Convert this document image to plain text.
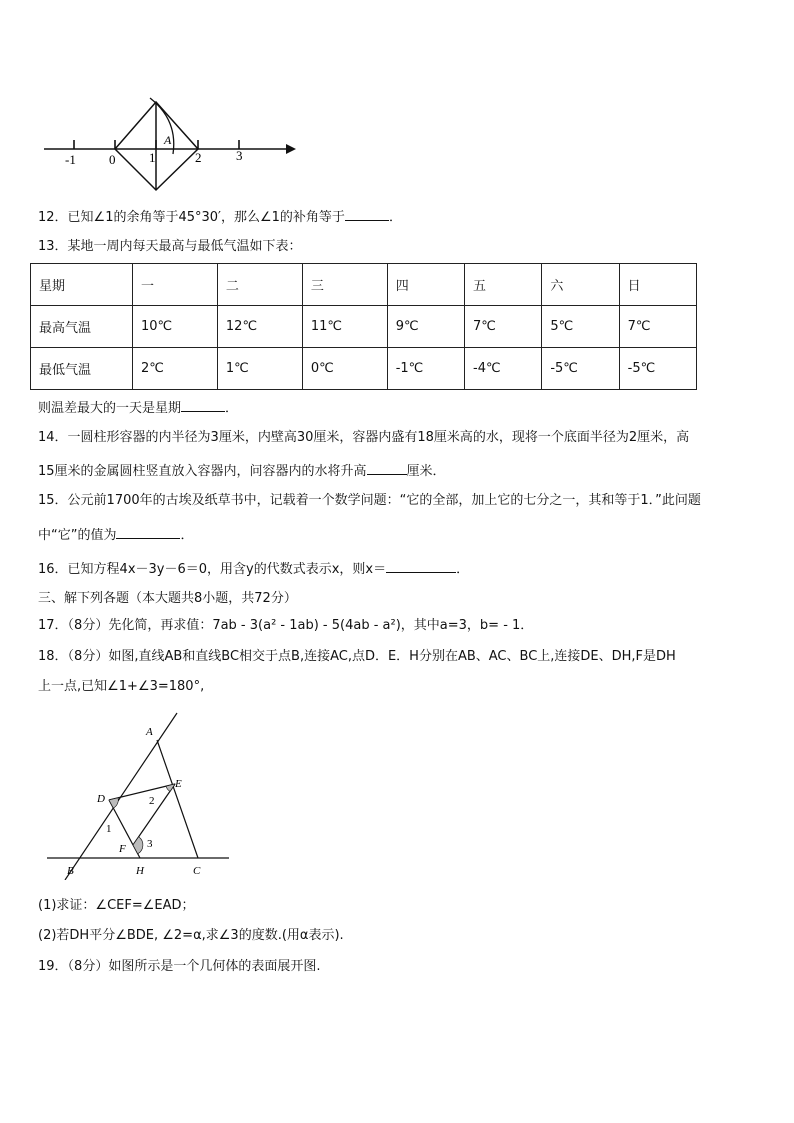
-1	0	1	2	3
A
12．已知∠1的余角等于45°30′，那么∠1的补角等于	．
13．某地一周内每天最高与最低气温如下表：
星期	一	二	三	四	五	六	日
最高气温	10℃	12℃	11℃	9℃	7℃	5℃	7℃
最低气温	2℃	1℃	0℃	-1℃	-4℃	-5℃	-5℃
则温差最大的一天是星期	．
14．一圆柱形容器的内半径为3厘米，内壁高30厘米，容器内盛有18厘米高的水，现将一个底面半径为2厘米，高
15厘米的金属圆柱竖直放入容器内，问容器内的水将升高	厘米．
15．公元前1700年的古埃及纸草书中，记载着一个数学问题：“它的全部，加上它的七分之一，其和等于1．”此问题
中“它”的值为	．
16．已知方程4x－3y－6＝0，用含y的代数式表示x，则x＝	．
三、解下列各题（本大题共8小题，共72分）
17．（8分）先化简，再求值：7ab - 3(a² - 1ab) - 5(4ab - a²)，其中a=3，b= - 1．
18．（8分）如图,直线AB和直线BC相交于点B,连接AC,点D．E．H分别在AB、AC、BC上,连接DE、DH,F是DH
上一点,已知∠1+∠3=180°,
A
E
D
F
B	H	C
1
2
3
(1)求证：∠CEF=∠EAD；
(2)若DH平分∠BDE, ∠2=α,求∠3的度数.(用α表示).
19．（8分）如图所示是一个几何体的表面展开图.
